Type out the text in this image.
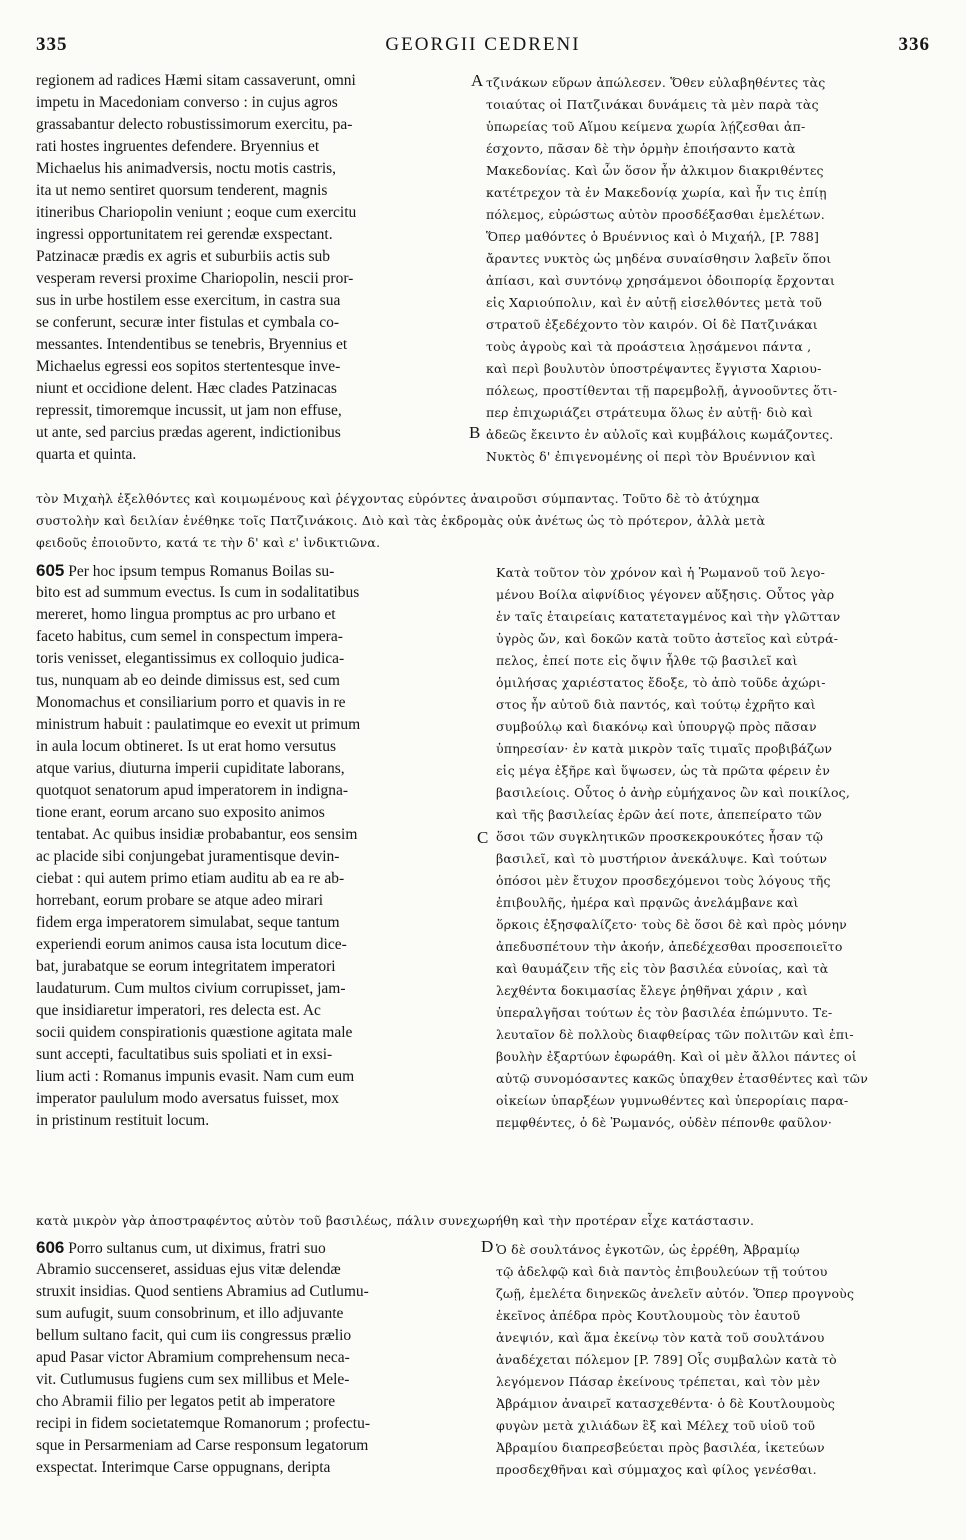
335	GEORGII CEDRENI	336
A
B
C
D
regionem ad radices Hæmi sitam cassaverunt, omni
impetu in Macedoniam converso : in cujus agros
grassabantur delecto robustissimorum exercitu, pa-
rati hostes ingruentes defendere. Bryennius et
Michaelus his animadversis, noctu motis castris,
ita ut nemo sentiret quorsum tenderent, magnis
itineribus Chariopolin veniunt ; eoque cum exercitu
ingressi opportunitatem rei gerendæ exspectant.
Patzinacæ prædis ex agris et suburbiis actis sub
vesperam reversi proxime Chariopolin, nescii pror-
sus in urbe hostilem esse exercitum, in castra sua
se conferunt, securæ inter fistulas et cymbala co-
messantes. Intendentibus se tenebris, Bryennius et
Michaelus egressi eos sopitos stertentesque inve-
niunt et occidione delent. Hæc clades Patzinacas
repressit, timoremque incussit, ut jam non effuse,
ut ante, sed parcius prædas agerent, indictionibus
quarta et quinta.
τζινάκων εὕρων ἀπώλεσεν. Ὅθεν εὐλαβηθέντες τὰς
τοιαύτας οἱ Πατζινάκαι δυνάμεις τὰ μὲν παρὰ τὰς
ὑπωρείας τοῦ Αἵμου κείμενα χωρία λῄζεσθαι ἀπ-
έσχοντο, πᾶσαν δὲ τὴν ὁρμὴν ἐποιήσαντο κατὰ
Μακεδονίας. Καὶ ὧν ὅσον ἦν ἀλκιμον διακριθέντες
κατέτρεχον τὰ ἐν Μακεδονίᾳ χωρία, καὶ ἦν τις ἐπίῃ
πόλεμος, εὐρώστως αὐτὸν προσδέξασθαι ἐμελέτων.
Ὅπερ μαθόντες ὁ Βρυέννιος καὶ ὁ Μιχαήλ, [P. 788]
ἄραντες νυκτὸς ὡς μηδένα συναίσθησιν λαβεῖν ὅποι
ἀπίασι, καὶ συντόνῳ χρησάμενοι ὁδοιπορίᾳ ἔρχονται
εἰς Χαριούπολιν, καὶ ἐν αὐτῇ εἰσελθόντες μετὰ τοῦ
στρατοῦ ἐξεδέχοντο τὸν καιρόν. Οἱ δὲ Πατζινάκαι
τοὺς ἀγροὺς καὶ τὰ προάστεια λῃσάμενοι πάντα ,
καὶ περὶ βουλυτὸν ὑποστρέψαντες ἔγγιστα Χαριου-
πόλεως, προστίθενται τῇ παρεμβολῇ, ἀγνοοῦντες ὅτι-
περ ἐπιχωριάζει στράτευμα ὅλως ἐν αὐτῇ· διὸ καὶ
ἀδεῶς ἔκειντο ἐν αὐλοῖς καὶ κυμβάλοις κωμάζοντες.
Νυκτὸς δ' ἐπιγενομένης οἱ περὶ τὸν Βρυέννιον καὶ
τὸν Μιχαὴλ ἐξελθόντες καὶ κοιμωμένους καὶ ῥέγχοντας εὑρόντες ἀναιροῦσι σύμπαντας. Τοῦτο δὲ τὸ ἀτύχημα
συστολὴν καὶ δειλίαν ἐνέθηκε τοῖς Πατζινάκοις. Διὸ καὶ τὰς ἐκδρομὰς οὐκ ἀνέτως ὡς τὸ πρότερον, ἀλλὰ μετὰ
φειδοῦς ἐποιοῦντο, κατά τε τὴν δ' καὶ ε' ἰνδικτιῶνα.
605 Per hoc ipsum tempus Romanus Boilas su-
bito est ad summum evectus. Is cum in sodalitatibus
mereret, homo lingua promptus ac pro urbano et
faceto habitus, cum semel in conspectum impera-
toris venisset, elegantissimus ex colloquio judica-
tus, nunquam ab eo deinde dimissus est, sed cum
Monomachus et consiliarium porro et quavis in re
ministrum habuit : paulatimque eo evexit ut primum
in aula locum obtineret. Is ut erat homo versutus
atque varius, diuturna imperii cupiditate laborans,
quotquot senatorum apud imperatorem in indigna-
tione erant, eorum arcano suo exposito animos
tentabat. Ac quibus insidiæ probabantur, eos sensim
ac placide sibi conjungebat juramentisque devin-
ciebat : qui autem primo etiam auditu ab ea re ab-
horrebant, eorum probare se atque adeo mirari
fidem erga imperatorem simulabat, seque tantum
experiendi eorum animos causa ista locutum dice-
bat, jurabatque se eorum integritatem imperatori
laudaturum. Cum multos civium corrupisset, jam-
que insidiaretur imperatori, res delecta est. Ac
socii quidem conspirationis quæstione agitata male
sunt accepti, facultatibus suis spoliati et in exsi-
lium acti : Romanus impunis evasit. Nam cum eum
imperator paululum modo aversatus fuisset, mox
in pristinum restituit locum.
Κατὰ τοῦτον τὸν χρόνον καὶ ἡ Ῥωμανοῦ τοῦ λεγο-
μένου Βοίλα αἰφνίδιος γέγονεν αὔξησις. Οὗτος γὰρ
ἐν ταῖς ἑταιρείαις κατατεταγμένος καὶ τὴν γλῶτταν
ὑγρὸς ὤν, καὶ δοκῶν κατὰ τοῦτο ἀστεῖος καὶ εὐτρά-
πελος, ἐπεί ποτε εἰς ὄψιν ἦλθε τῷ βασιλεῖ καὶ
ὁμιλήσας χαριέστατος ἔδοξε, τὸ ἀπὸ τοῦδε ἀχώρι-
στος ἦν αὐτοῦ διὰ παντός, καὶ τούτῳ ἐχρῆτο καὶ
συμβούλῳ καὶ διακόνῳ καὶ ὑπουργῷ πρὸς πᾶσαν
ὑπηρεσίαν· ἐν κατὰ μικρὸν ταῖς τιμαῖς προβιβάζων
εἰς μέγα ἐξῆρε καὶ ὕψωσεν, ὡς τὰ πρῶτα φέρειν ἐν
βασιλείοις. Οὗτος ὁ ἀνὴρ εὐμήχανος ὢν καὶ ποικίλος,
καὶ τῆς βασιλείας ἐρῶν ἀεί ποτε, ἀπεπείρατο τῶν
ὅσοι τῶν συγκλητικῶν προσκεκρουκότες ἦσαν τῷ
βασιλεῖ, καὶ τὸ μυστήριον ἀνεκάλυψε. Καὶ τούτων
ὁπόσοι μὲν ἔτυχον προσδεχόμενοι τοὺς λόγους τῆς
ἐπιβουλῆς, ἠμέρα καὶ πρᾳνῶς ἀνελάμβανε καὶ
ὅρκοις ἐξησφαλίζετο· τοὺς δὲ ὅσοι δὲ καὶ πρὸς μόνην
ἀπεδυσπέτουν τὴν ἀκοήν, ἀπεδέχεσθαι προσεποιεῖτο
καὶ θαυμάζειν τῆς εἰς τὸν βασιλέα εὐνοίας, καὶ τὰ
λεχθέντα δοκιμασίας ἔλεγε ῥηθῆναι χάριν , καὶ
ὑπεραλγῆσαι τούτων ἐς τὸν βασιλέα ἐπώμνυτο. Τε-
λευταῖον δὲ πολλοὺς διαφθείρας τῶν πολιτῶν καὶ ἐπι-
βουλὴν ἐξαρτύων ἐφωράθη. Καὶ οἱ μὲν ἄλλοι πάντες οἱ
αὐτῷ συνομόσαντες κακῶς ὑπαχθεν ἐτασθέντες καὶ τῶν
οἰκείων ὑπαρξέων γυμνωθέντες καὶ ὑπερορίαις παρα-
πεμφθέντες, ὁ δὲ Ῥωμανός, οὐδὲν πέπονθε φαῦλον·
κατὰ μικρὸν γὰρ ἀποστραφέντος αὐτὸν τοῦ βασιλέως, πάλιν συνεχωρήθη καὶ τὴν προτέραν εἶχε κατάστασιν.
606 Porro sultanus cum, ut diximus, fratri suo
Abramio succenseret, assiduas ejus vitæ delendæ
struxit insidias. Quod sentiens Abramius ad Cutlumu-
sum aufugit, suum consobrinum, et illo adjuvante
bellum sultano facit, qui cum iis congressus prælio
apud Pasar victor Abramium comprehensum neca-
vit. Cutlumusus fugiens cum sex millibus et Mele-
cho Abramii filio per legatos petit ab imperatore
recipi in fidem societatemque Romanorum ; profectu-
sque in Persarmeniam ad Carse responsum legatorum
exspectat. Interimque Carse oppugnans, deripta
Ὁ δὲ σουλτάνος ἐγκοτῶν, ὡς ἐρρέθη, Ἀβραμίῳ
τῷ ἀδελφῷ καὶ διὰ παντὸς ἐπιβουλεύων τῇ τούτου
ζωῇ, ἐμελέτα διηνεκῶς ἀνελεῖν αὐτόν. Ὅπερ προγνοὺς
ἐκεῖνος ἀπέδρα πρὸς Κουτλουμοὺς τὸν ἑαυτοῦ
ἀνεψιόν, καὶ ἅμα ἐκείνῳ τὸν κατὰ τοῦ σουλτάνου
ἀναδέχεται πόλεμον [P. 789] Οἷς συμβαλὼν κατὰ τὸ
λεγόμενον Πάσαρ ἐκείνους τρέπεται, καὶ τὸν μὲν
Ἀβράμιον ἀναιρεῖ κατασχεθέντα· ὁ δὲ Κουτλουμοὺς
φυγὼν μετὰ χιλιάδων ἓξ καὶ Μέλεχ τοῦ υἱοῦ τοῦ
Ἀβραμίου διαπρεσβεύεται πρὸς βασιλέα, ἱκετεύων
προσδεχθῆναι καὶ σύμμαχος καὶ φίλος γενέσθαι.
